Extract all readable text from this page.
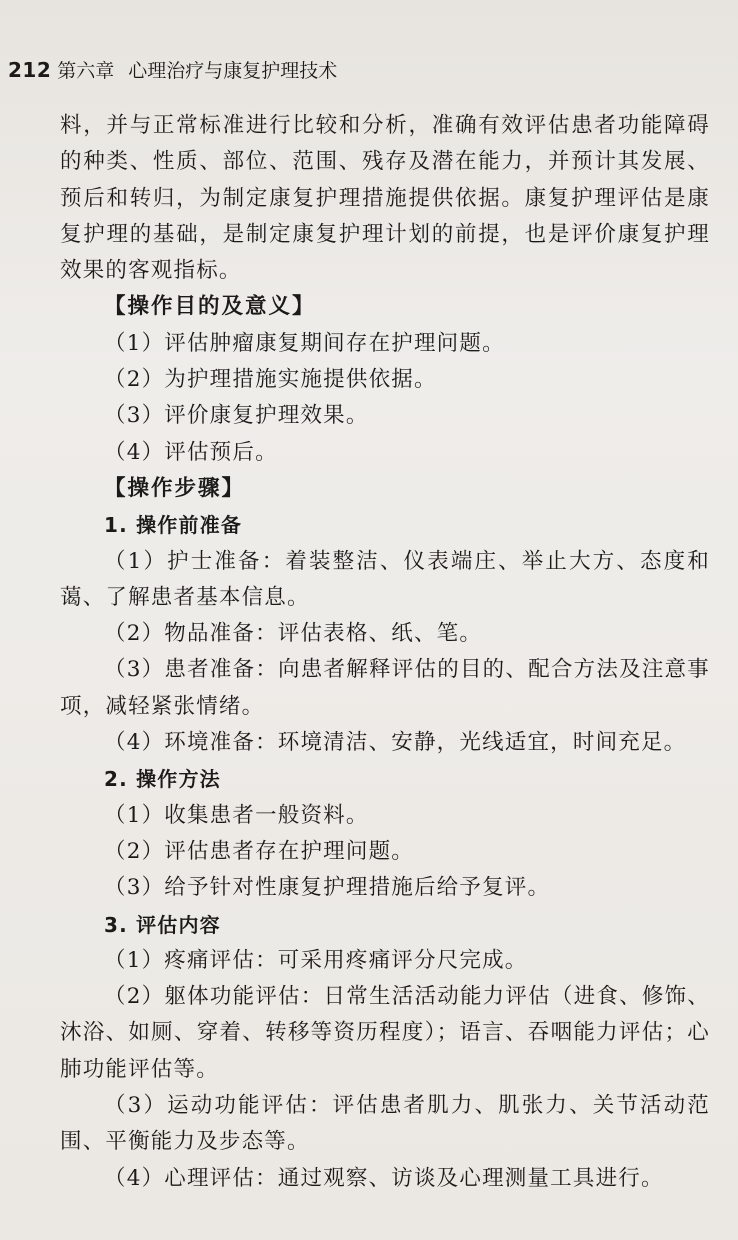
212 第六章 心理治疗与康复护理技术

料，并与正常标准进行比较和分析，准确有效评估患者功能障碍的种类、性质、部位、范围、残存及潜在能力，并预计其发展、预后和转归，为制定康复护理措施提供依据。康复护理评估是康复护理的基础，是制定康复护理计划的前提，也是评价康复护理效果的客观指标。

【操作目的及意义】

（1）评估肿瘤康复期间存在护理问题。

（2）为护理措施实施提供依据。

（3）评价康复护理效果。

（4）评估预后。

【操作步骤】

1. 操作前准备

（1）护士准备：着装整洁、仪表端庄、举止大方、态度和蔼、了解患者基本信息。

（2）物品准备：评估表格、纸、笔。

（3）患者准备：向患者解释评估的目的、配合方法及注意事项，减轻紧张情绪。

（4）环境准备：环境清洁、安静，光线适宜，时间充足。

2. 操作方法

（1）收集患者一般资料。

（2）评估患者存在护理问题。

（3）给予针对性康复护理措施后给予复评。

3. 评估内容

（1）疼痛评估：可采用疼痛评分尺完成。

（2）躯体功能评估：日常生活活动能力评估（进食、修饰、沐浴、如厕、穿着、转移等资历程度）；语言、吞咽能力评估；心肺功能评估等。

（3）运动功能评估：评估患者肌力、肌张力、关节活动范围、平衡能力及步态等。

（4）心理评估：通过观察、访谈及心理测量工具进行。
